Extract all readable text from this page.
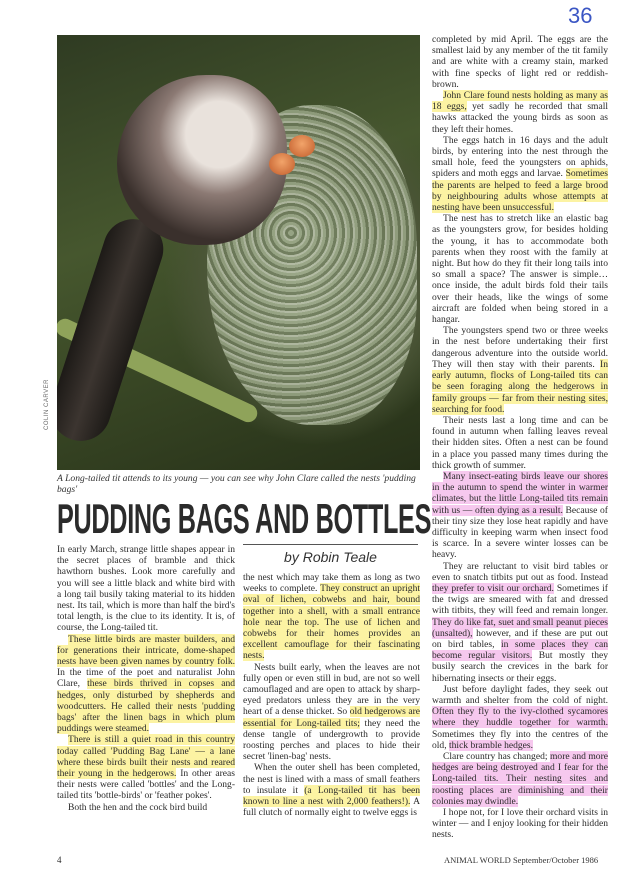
36
COLIN CARVER
A Long-tailed tit attends to its young — you can see why John Clare called the nests 'pudding bags'
PUDDING BAGS AND BOTTLES
by Robin Teale

In early March, strange little shapes appear in the secret places of bramble and thick hawthorn bushes. Look more carefully and you will see a little black and white bird with a long tail busily taking material to its hidden nest. Its tail, which is more than half the bird's total length, is the clue to its identity. It is, of course, the Long-tailed tit.

These little birds are master builders, and for generations their intricate, dome-shaped nests have been given names by country folk. In the time of the poet and naturalist John Clare, these birds thrived in copses and hedges, only disturbed by shepherds and woodcutters. He called their nests 'pudding bags' after the linen bags in which plum puddings were steamed.

There is still a quiet road in this country today called 'Pudding Bag Lane' — a lane where these birds built their nests and reared their young in the hedgerows. In other areas their nests were called 'bottles' and the Long-tailed tits 'bottle-birds' or 'feather pokes'.

Both the hen and the cock bird build

the nest which may take them as long as two weeks to complete. They construct an upright oval of lichen, cobwebs and hair, bound together into a shell, with a small entrance hole near the top. The use of lichen and cobwebs for their homes provides an excellent camouflage for their fascinating nests.

Nests built early, when the leaves are not fully open or even still in bud, are not so well camouflaged and are open to attack by sharp-eyed predators unless they are in the very heart of a dense thicket. So old hedgerows are essential for Long-tailed tits; they need the dense tangle of undergrowth to provide roosting perches and places to hide their secret 'linen-bag' nests.

When the outer shell has been completed, the nest is lined with a mass of small feathers to insulate it (a Long-tailed tit has been known to line a nest with 2,000 feathers!). A full clutch of normally eight to twelve eggs is

completed by mid April. The eggs are the smallest laid by any member of the tit family and are white with a creamy stain, marked with fine specks of light red or reddish-brown.

John Clare found nests holding as many as 18 eggs, yet sadly he recorded that small hawks attacked the young birds as soon as they left their homes.

The eggs hatch in 16 days and the adult birds, by entering into the nest through the small hole, feed the youngsters on aphids, spiders and moth eggs and larvae. Sometimes the parents are helped to feed a large brood by neighbouring adults whose attempts at nesting have been unsuccessful.

The nest has to stretch like an elastic bag as the youngsters grow, for besides holding the young, it has to accommodate both parents when they roost with the family at night. But how do they fit their long tails into so small a space? The answer is simple…once inside, the adult birds fold their tails over their heads, like the wings of some aircraft are folded when being stored in a hangar.

The youngsters spend two or three weeks in the nest before undertaking their first dangerous adventure into the outside world. They will then stay with their parents. In early autumn, flocks of Long-tailed tits can be seen foraging along the hedgerows in family groups — far from their nesting sites, searching for food.

Their nests last a long time and can be found in autumn when falling leaves reveal their hidden sites. Often a nest can be found in a place you passed many times during the thick growth of summer.

Many insect-eating birds leave our shores in the autumn to spend the winter in warmer climates, but the little Long-tailed tits remain with us — often dying as a result. Because of their tiny size they lose heat rapidly and have difficulty in keeping warm when insect food is scarce. In a severe winter losses can be heavy.

They are reluctant to visit bird tables or even to snatch titbits put out as food. Instead they prefer to visit our orchard. Sometimes if the twigs are smeared with fat and dressed with titbits, they will feed and remain longer. They do like fat, suet and small peanut pieces (unsalted), however, and if these are put out on bird tables, in some places they can become regular visitors. But mostly they busily search the crevices in the bark for hibernating insects or their eggs.

Just before daylight fades, they seek out warmth and shelter from the cold of night. Often they fly to the ivy-clothed sycamores where they huddle together for warmth. Sometimes they fly into the centres of the old, thick bramble hedges.

Clare country has changed; more and more hedges are being destroyed and I fear for the Long-tailed tits. Their nesting sites and roosting places are diminishing and their colonies may dwindle.

I hope not, for I love their orchard visits in winter — and I enjoy looking for their hidden nests.

4	ANIMAL WORLD September/October 1986
